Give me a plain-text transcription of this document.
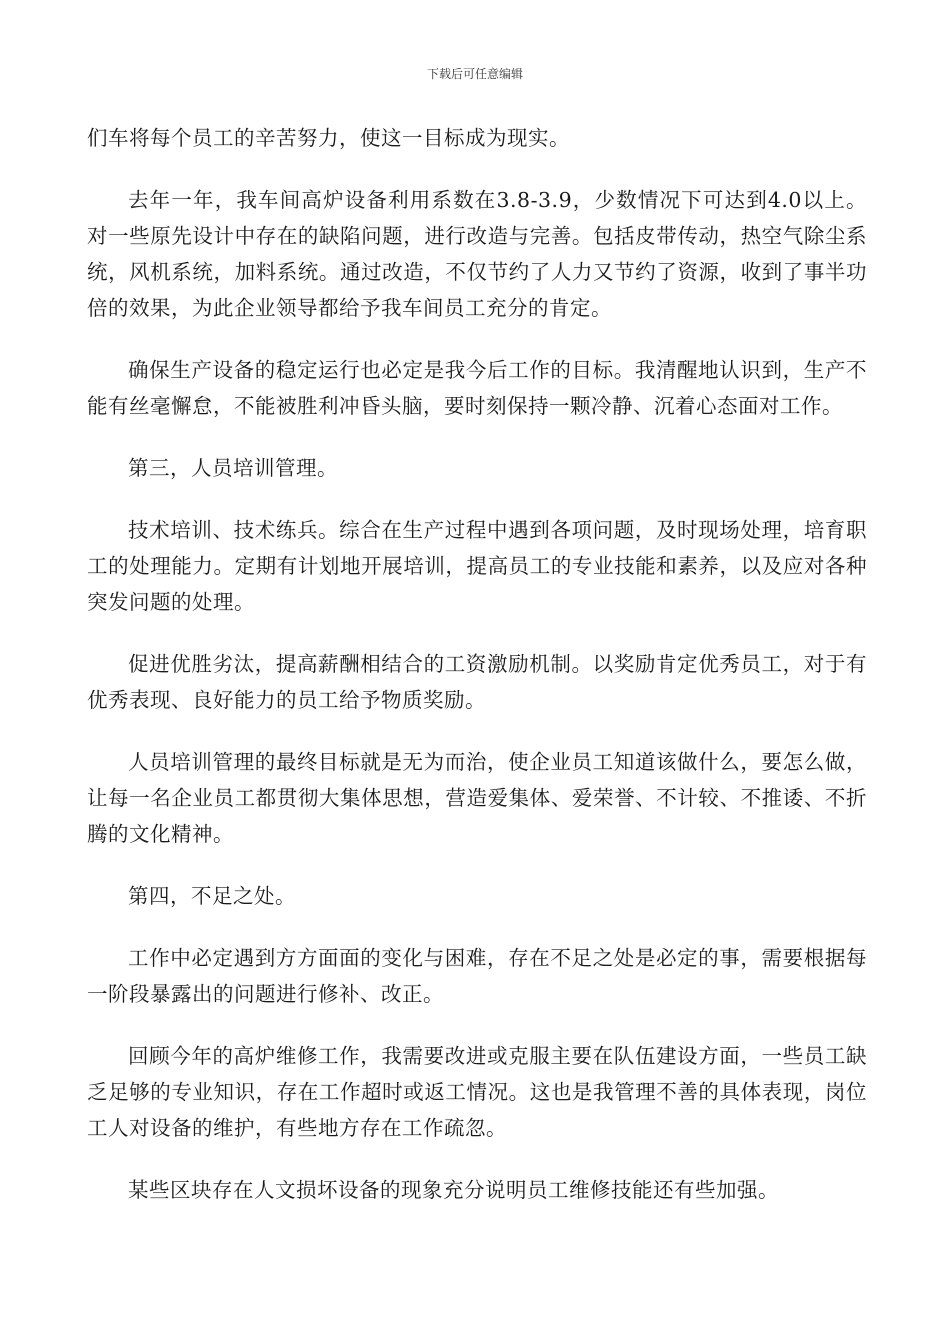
下载后可任意编辑

们车将每个员工的辛苦努力，使这一目标成为现实。

去年一年，我车间高炉设备利用系数在3.8-3.9，少数情况下可达到4.0以上。对一些原先设计中存在的缺陷问题，进行改造与完善。包括皮带传动，热空气除尘系统，风机系统，加料系统。通过改造，不仅节约了人力又节约了资源，收到了事半功倍的效果，为此企业领导都给予我车间员工充分的肯定。

确保生产设备的稳定运行也必定是我今后工作的目标。我清醒地认识到，生产不能有丝毫懈怠，不能被胜利冲昏头脑，要时刻保持一颗冷静、沉着心态面对工作。

第三，人员培训管理。

技术培训、技术练兵。综合在生产过程中遇到各项问题，及时现场处理，培育职工的处理能力。定期有计划地开展培训，提高员工的专业技能和素养，以及应对各种突发问题的处理。

促进优胜劣汰，提高薪酬相结合的工资激励机制。以奖励肯定优秀员工，对于有优秀表现、良好能力的员工给予物质奖励。

人员培训管理的最终目标就是无为而治，使企业员工知道该做什么，要怎么做，让每一名企业员工都贯彻大集体思想，营造爱集体、爱荣誉、不计较、不推诿、不折腾的文化精神。

第四，不足之处。

工作中必定遇到方方面面的变化与困难，存在不足之处是必定的事，需要根据每一阶段暴露出的问题进行修补、改正。

回顾今年的高炉维修工作，我需要改进或克服主要在队伍建设方面，一些员工缺乏足够的专业知识，存在工作超时或返工情况。这也是我管理不善的具体表现，岗位工人对设备的维护，有些地方存在工作疏忽。

某些区块存在人文损坏设备的现象充分说明员工维修技能还有些加强。
